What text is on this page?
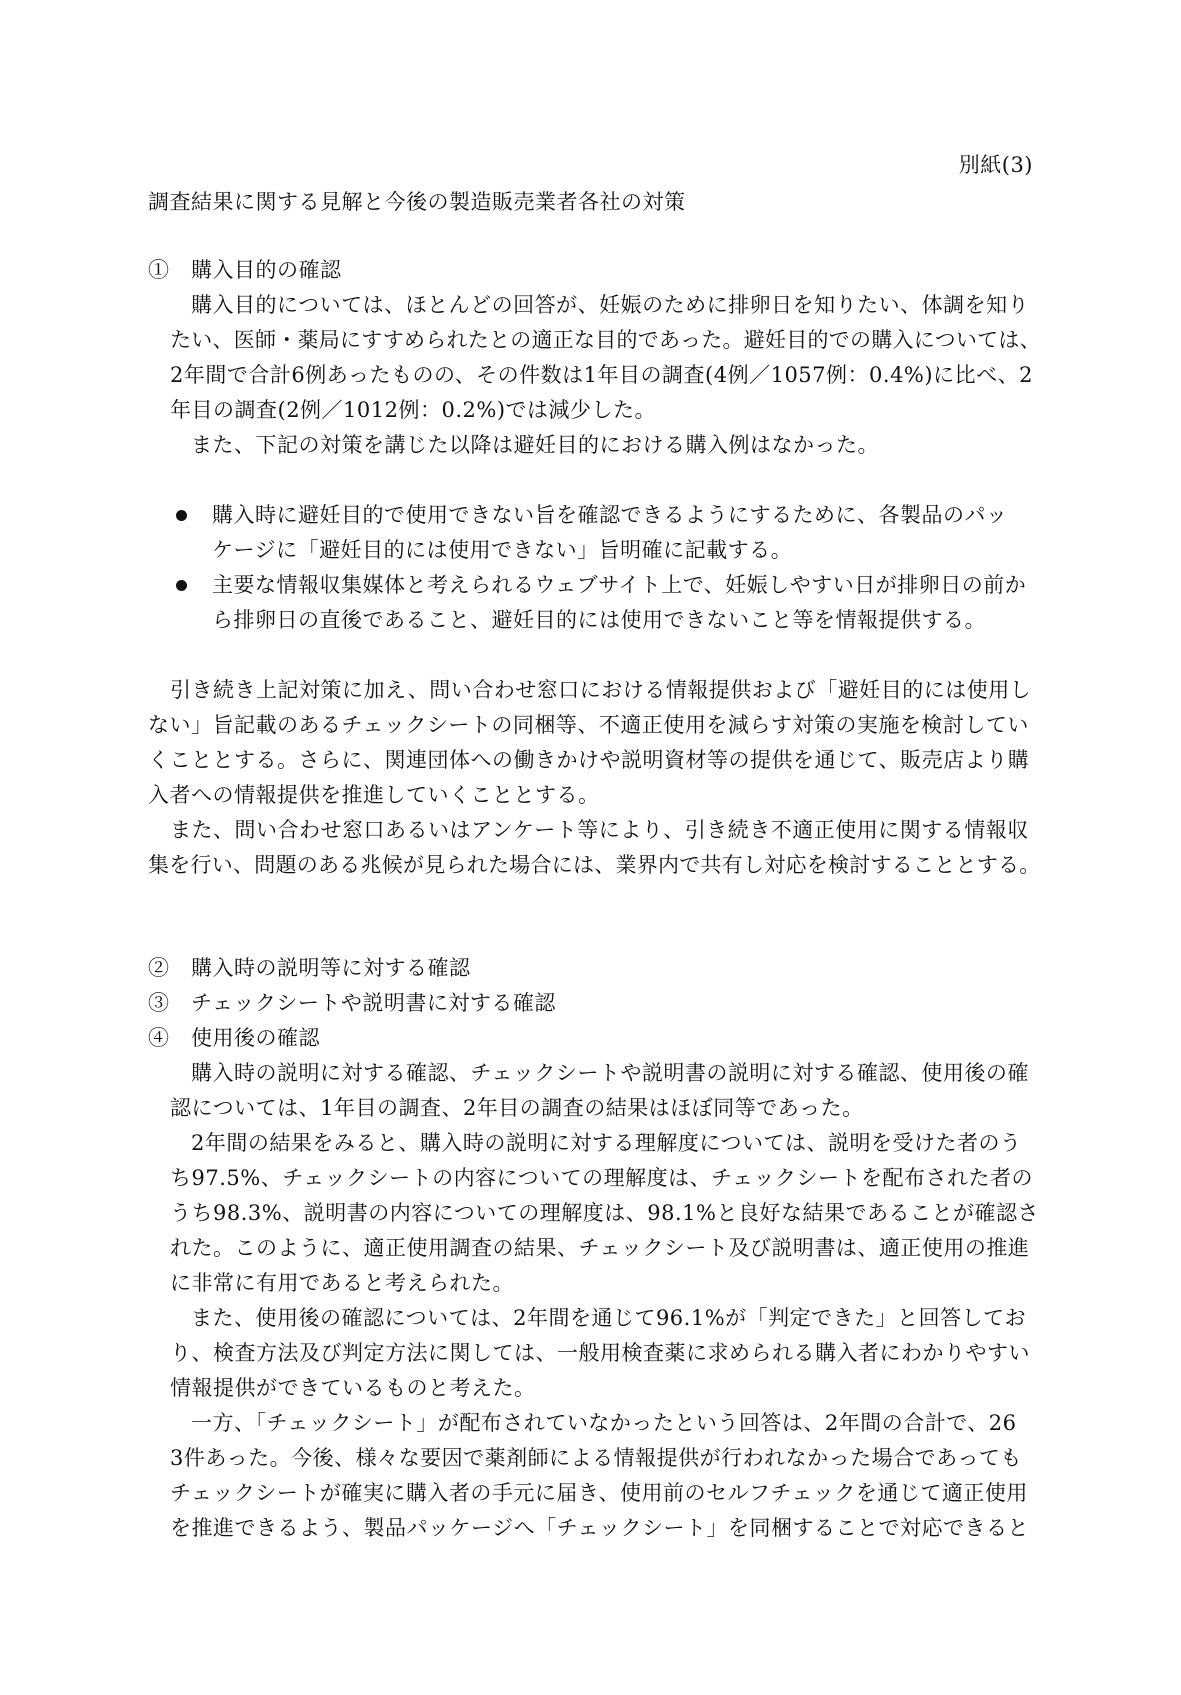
別紙(3)
調査結果に関する見解と今後の製造販売業者各社の対策
①　購入目的の確認
購入目的については、ほとんどの回答が、妊娠のために排卵日を知りたい、体調を知り
たい、医師・薬局にすすめられたとの適正な目的であった。避妊目的での購入については、
2年間で合計6例あったものの、その件数は1年目の調査(4例／1057例：0.4%)に比べ、2
年目の調査(2例／1012例：0.2%)では減少した。
また、下記の対策を講じた以降は避妊目的における購入例はなかった。
購入時に避妊目的で使用できない旨を確認できるようにするために、各製品のパッ
ケージに「避妊目的には使用できない」旨明確に記載する。
主要な情報収集媒体と考えられるウェブサイト上で、妊娠しやすい日が排卵日の前か
ら排卵日の直後であること、避妊目的には使用できないこと等を情報提供する。
引き続き上記対策に加え、問い合わせ窓口における情報提供および「避妊目的には使用し
ない」旨記載のあるチェックシートの同梱等、不適正使用を減らす対策の実施を検討してい
くこととする。さらに、関連団体への働きかけや説明資材等の提供を通じて、販売店より購
入者への情報提供を推進していくこととする。
また、問い合わせ窓口あるいはアンケート等により、引き続き不適正使用に関する情報収
集を行い、問題のある兆候が見られた場合には、業界内で共有し対応を検討することとする。
②　購入時の説明等に対する確認
③　チェックシートや説明書に対する確認
④　使用後の確認
購入時の説明に対する確認、チェックシートや説明書の説明に対する確認、使用後の確
認については、1年目の調査、2年目の調査の結果はほぼ同等であった。
2年間の結果をみると、購入時の説明に対する理解度については、説明を受けた者のう
ち97.5%、チェックシートの内容についての理解度は、チェックシートを配布された者の
うち98.3%、説明書の内容についての理解度は、98.1%と良好な結果であることが確認さ
れた。このように、適正使用調査の結果、チェックシート及び説明書は、適正使用の推進
に非常に有用であると考えられた。
また、使用後の確認については、2年間を通じて96.1%が「判定できた」と回答してお
り、検査方法及び判定方法に関しては、一般用検査薬に求められる購入者にわかりやすい
情報提供ができているものと考えた。
一方、「チェックシート」が配布されていなかったという回答は、2年間の合計で、26
3件あった。今後、様々な要因で薬剤師による情報提供が行われなかった場合であっても
チェックシートが確実に購入者の手元に届き、使用前のセルフチェックを通じて適正使用
を推進できるよう、製品パッケージへ「チェックシート」を同梱することで対応できると
